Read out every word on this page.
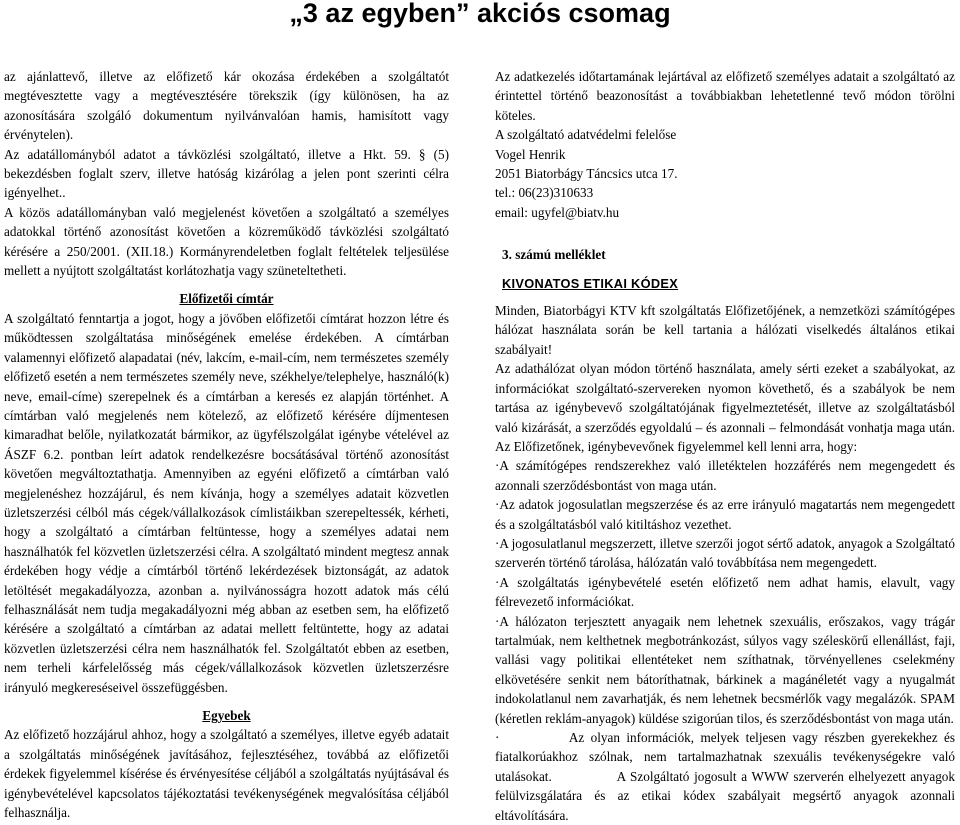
„3 az egyben” akciós csomag

az ajánlattevő, illetve az előfizető kár okozása érdekében a szolgáltatót megtévesztette vagy a megtévesztésére törekszik (így különösen, ha az azonosítására szolgáló dokumentum nyilvánvalóan hamis, hamisított vagy érvénytelen).

Az adatállományból adatot a távközlési szolgáltató, illetve a Hkt. 59. § (5) bekezdésben foglalt szerv, illetve hatóság kizárólag a jelen pont szerinti célra igényelhet..

A közös adatállományban való megjelenést követően a szolgáltató a személyes adatokkal történő azonosítást követően a közreműködő távközlési szolgáltató kérésére a 250/2001. (XII.18.) Kormányrendeletben foglalt feltételek teljesülése mellett a nyújtott szolgáltatást korlátozhatja vagy szüneteltetheti.

Előfizetői címtár

A szolgáltató fenntartja a jogot, hogy a jövőben előfizetői címtárat hozzon létre és működtessen szolgáltatása minőségének emelése érdekében. A címtárban valamennyi előfizető alapadatai (név, lakcím, e-mail-cím, nem természetes személy előfizető esetén a nem természetes személy neve, székhelye/telephelye, használó(k) neve, email-címe) szerepelnek és a címtárban a keresés ez alapján történhet. A címtárban való megjelenés nem kötelező, az előfizető kérésére díjmentesen kimaradhat belőle, nyilatkozatát bármikor, az ügyfélszolgálat igénybe vételével az ÁSZF 6.2. pontban leírt adatok rendelkezésre bocsátásával történő azonosítást követően megváltoztathatja. Amennyiben az egyéni előfizető a címtárban való megjelenéshez hozzájárul, és nem kívánja, hogy a személyes adatait közvetlen üzletszerzési célból más cégek/vállalkozások címlistáikban szerepeltessék, kérheti, hogy a szolgáltató a címtárban feltüntesse, hogy a személyes adatai nem használhatók fel közvetlen üzletszerzési célra. A szolgáltató mindent megtesz annak érdekében hogy védje a címtárból történő lekérdezések biztonságát, az adatok letöltését megakadályozza, azonban a. nyilvánosságra hozott adatok más célú felhasználását nem tudja megakadályozni még abban az esetben sem, ha előfizető kérésére a szolgáltató a címtárban az adatai mellett feltüntette, hogy az adatai közvetlen üzletszerzési célra nem használhatók fel. Szolgáltatót ebben az esetben, nem terheli kárfelelősség más cégek/vállalkozások közvetlen üzletszerzésre irányuló megkereséseivel összefüggésben.

Egyebek

Az előfizető hozzájárul ahhoz, hogy a szolgáltató a személyes, illetve egyéb adatait a szolgáltatás minőségének javításához, fejlesztéséhez, továbbá az előfizetői érdekek figyelemmel kísérése és érvényesítése céljából a szolgáltatás nyújtásával és igénybevételével kapcsolatos tájékoztatási tevékenységének megvalósítása céljából felhasználja.

Az adatkezelés időtartamának lejártával az előfizető személyes adatait a szolgáltató az érintettel történő beazonosítást a továbbiakban lehetetlenné tevő módon törölni köteles.

A szolgáltató adatvédelmi felelőse

Vogel Henrik

2051 Biatorbágy Táncsics utca 17.

tel.: 06(23)310633

email: ugyfel@biatv.hu

3. számú melléklet

KIVONATOS ETIKAI KÓDEX

Minden, Biatorbágyi KTV kft szolgáltatás Előfizetőjének, a nemzetközi számítógépes hálózat használata során be kell tartania a hálózati viselkedés általános etikai szabályait!

Az adathálózat olyan módon történő használata, amely sérti ezeket a szabályokat, az információkat szolgáltató-szervereken nyomon követhető, és a szabályok be nem tartása az igénybevevő szolgáltatójának figyelmeztetését, illetve az szolgáltatásból való kizárását, a szerződés egyoldalú – és azonnali – felmondását vonhatja maga után. Az Előfizetőnek, igénybevevőnek figyelemmel kell lenni arra, hogy:

·A számítógépes rendszerekhez való illetéktelen hozzáférés nem megengedett és azonnali szerződésbontást von maga után.

·Az adatok jogosulatlan megszerzése és az erre irányuló magatartás nem megengedett és a szolgáltatásból való kitiltáshoz vezethet.

·A jogosulatlanul megszerzett, illetve szerzői jogot sértő adatok, anyagok a Szolgáltató szerverén történő tárolása, hálózatán való továbbítása nem megengedett.

·A szolgáltatás igénybevételé esetén előfizető nem adhat hamis, elavult, vagy félrevezető információkat.

·A hálózaton terjesztett anyagaik nem lehetnek szexuális, erőszakos, vagy trágár tartalmúak, nem kelthetnek megbotránkozást, súlyos vagy széleskörű ellenállást, faji, vallási vagy politikai ellentéteket nem szíthatnak, törvényellenes cselekmény elkövetésére senkit nem bátoríthatnak, bárkinek a magánéletét vagy a nyugalmát indokolatlanul nem zavarhatják, és nem lehetnek becsmérlők vagy megalázók. SPAM (kéretlen reklám-anyagok) küldése szigorúan tilos, és szerződésbontást von maga után.

·           Az olyan információk, melyek teljesen vagy részben gyerekekhez és fiatalkorúakhoz szólnak, nem tartalmazhatnak szexuális tevékenységekre való utalásokat.              A Szolgáltató jogosult a WWW szerverén elhelyezett anyagok felülvizsgálatára és az etikai kódex szabályait megsértő anyagok azonnali eltávolítására.
